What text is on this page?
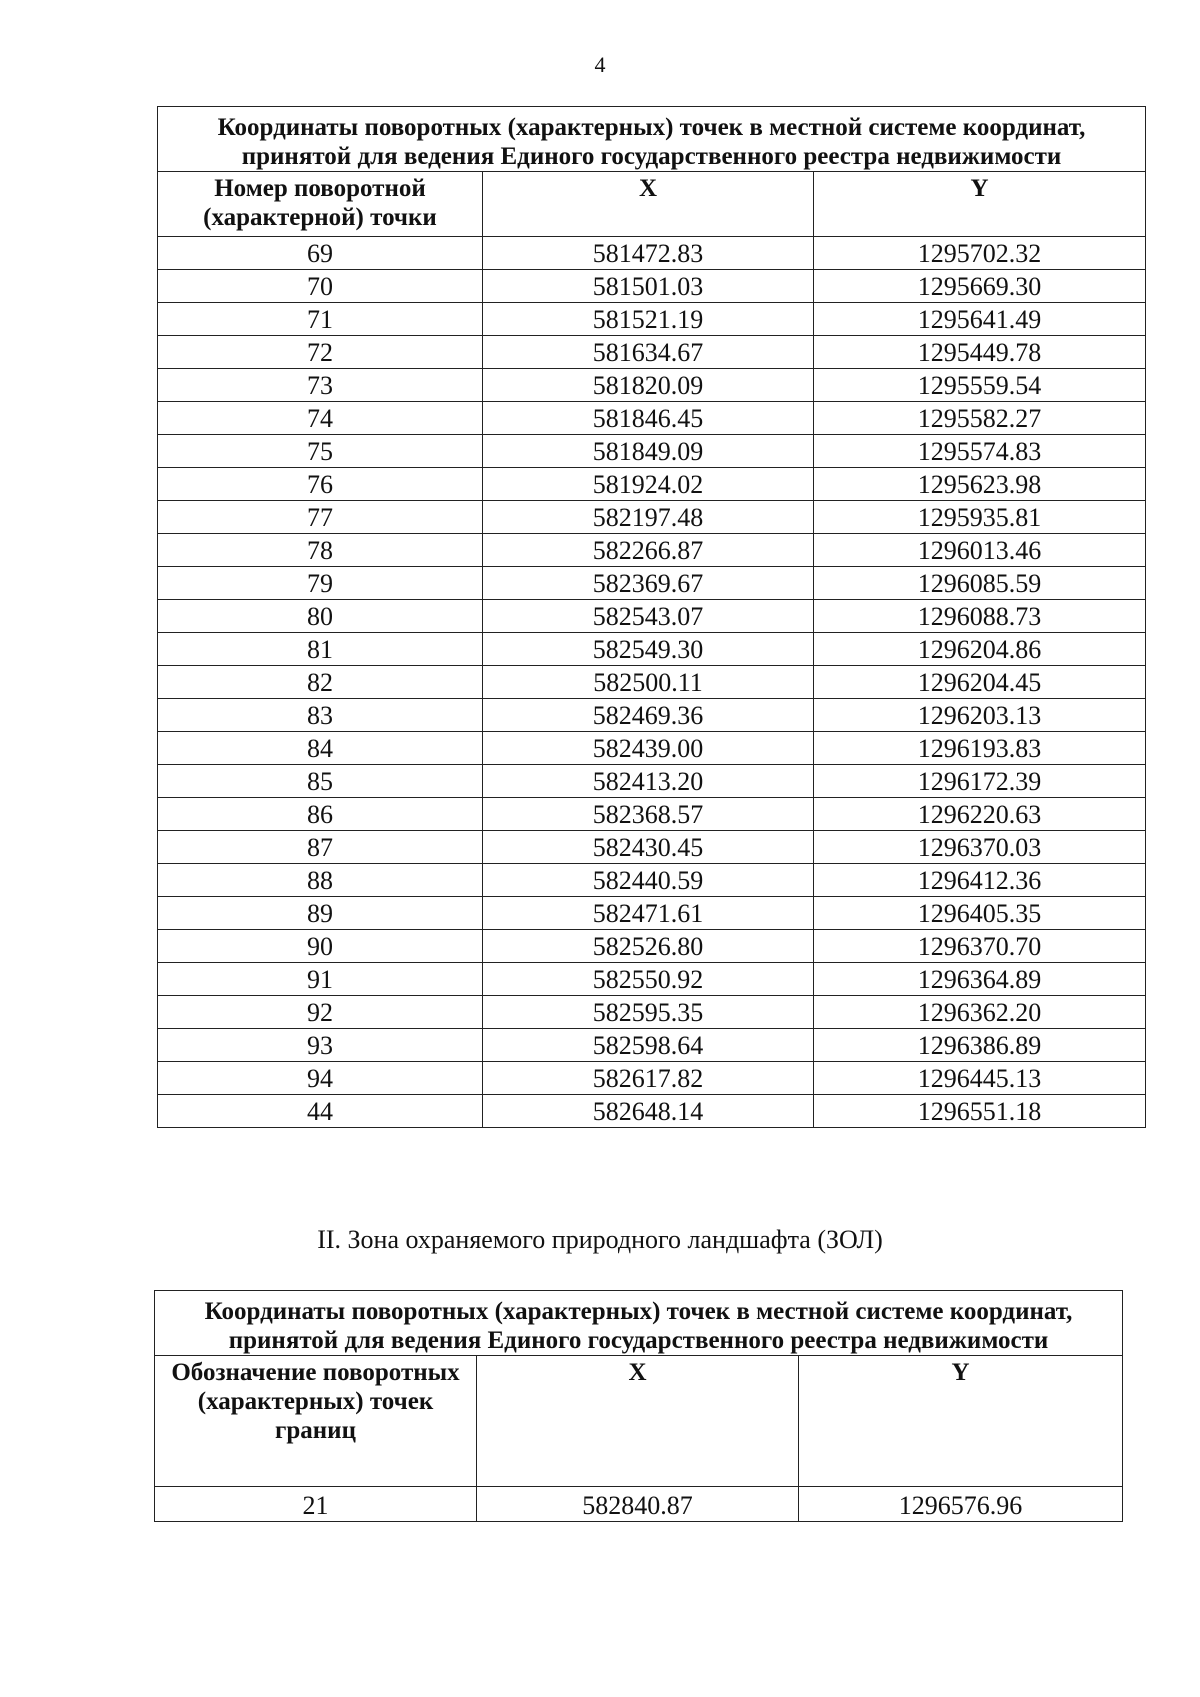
4
Координаты поворотных (характерных) точек в местной системе координат, принятой для ведения Единого государственного реестра недвижимости		
Номер поворотной (характерной) точки	X	Y
69	581472.83	1295702.32
70	581501.03	1295669.30
71	581521.19	1295641.49
72	581634.67	1295449.78
73	581820.09	1295559.54
74	581846.45	1295582.27
75	581849.09	1295574.83
76	581924.02	1295623.98
77	582197.48	1295935.81
78	582266.87	1296013.46
79	582369.67	1296085.59
80	582543.07	1296088.73
81	582549.30	1296204.86
82	582500.11	1296204.45
83	582469.36	1296203.13
84	582439.00	1296193.83
85	582413.20	1296172.39
86	582368.57	1296220.63
87	582430.45	1296370.03
88	582440.59	1296412.36
89	582471.61	1296405.35
90	582526.80	1296370.70
91	582550.92	1296364.89
92	582595.35	1296362.20
93	582598.64	1296386.89
94	582617.82	1296445.13
44	582648.14	1296551.18
II. Зона охраняемого природного ландшафта (ЗОЛ)
Координаты поворотных (характерных) точек в местной системе координат, принятой для ведения Единого государственного реестра недвижимости		
Обозначение поворотных (характерных) точек границ	X	Y
21	582840.87	1296576.96
